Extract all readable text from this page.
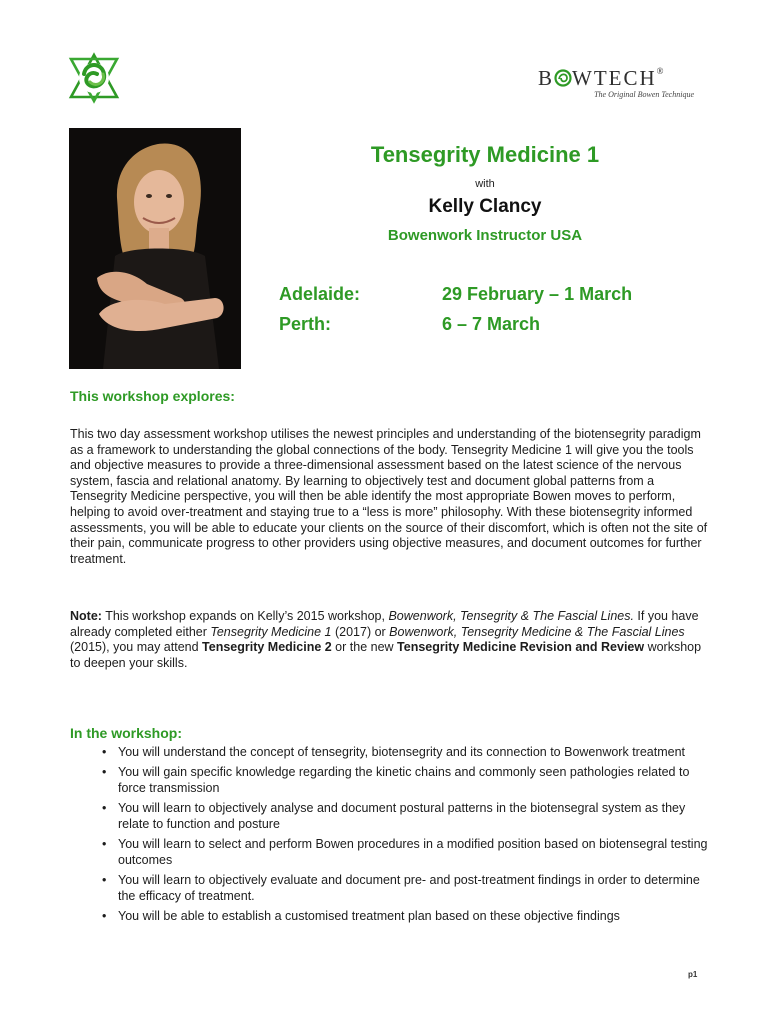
B WTECH®
The Original Bowen Technique
Tensegrity Medicine 1
with
Kelly Clancy
Bowenwork Instructor USA
Adelaide:	29 February – 1 March
Perth:	6 – 7 March
This workshop explores:
This two day assessment workshop utilises the newest principles and understanding of the biotensegrity paradigm as a framework to understanding the global connections of the body. Tensegrity Medicine 1 will give you the tools and objective measures to provide a three-dimensional assessment based on the latest science of the nervous system, fascia and relational anatomy. By learning to objectively test and document global patterns from a Tensegrity Medicine perspective, you will then be able identify the most appropriate Bowen moves to perform, helping to avoid over-treatment and staying true to a “less is more” philosophy. With these biotensegrity informed assessments, you will be able to educate your clients on the source of their discomfort, which is often not the site of their pain, communicate progress to other providers using objective measures, and document outcomes for further treatment.
Note: This workshop expands on Kelly’s 2015 workshop, Bowenwork, Tensegrity & The Fascial Lines. If you have already completed either Tensegrity Medicine 1 (2017) or Bowenwork, Tensegrity Medicine & The Fascial Lines (2015), you may attend Tensegrity Medicine 2 or the new Tensegrity Medicine Revision and Review workshop to deepen your skills.
In the workshop:
• You will understand the concept of tensegrity, biotensegrity and its connection to Bowenwork treatment
• You will gain specific knowledge regarding the kinetic chains and commonly seen pathologies related to force transmission
• You will learn to objectively analyse and document postural patterns in the biotensegral system as they relate to function and posture
• You will learn to select and perform Bowen procedures in a modified position based on biotensegral testing outcomes
• You will learn to objectively evaluate and document pre- and post-treatment findings in order to determine the efficacy of treatment.
• You will be able to establish a customised treatment plan based on these objective findings
p1
